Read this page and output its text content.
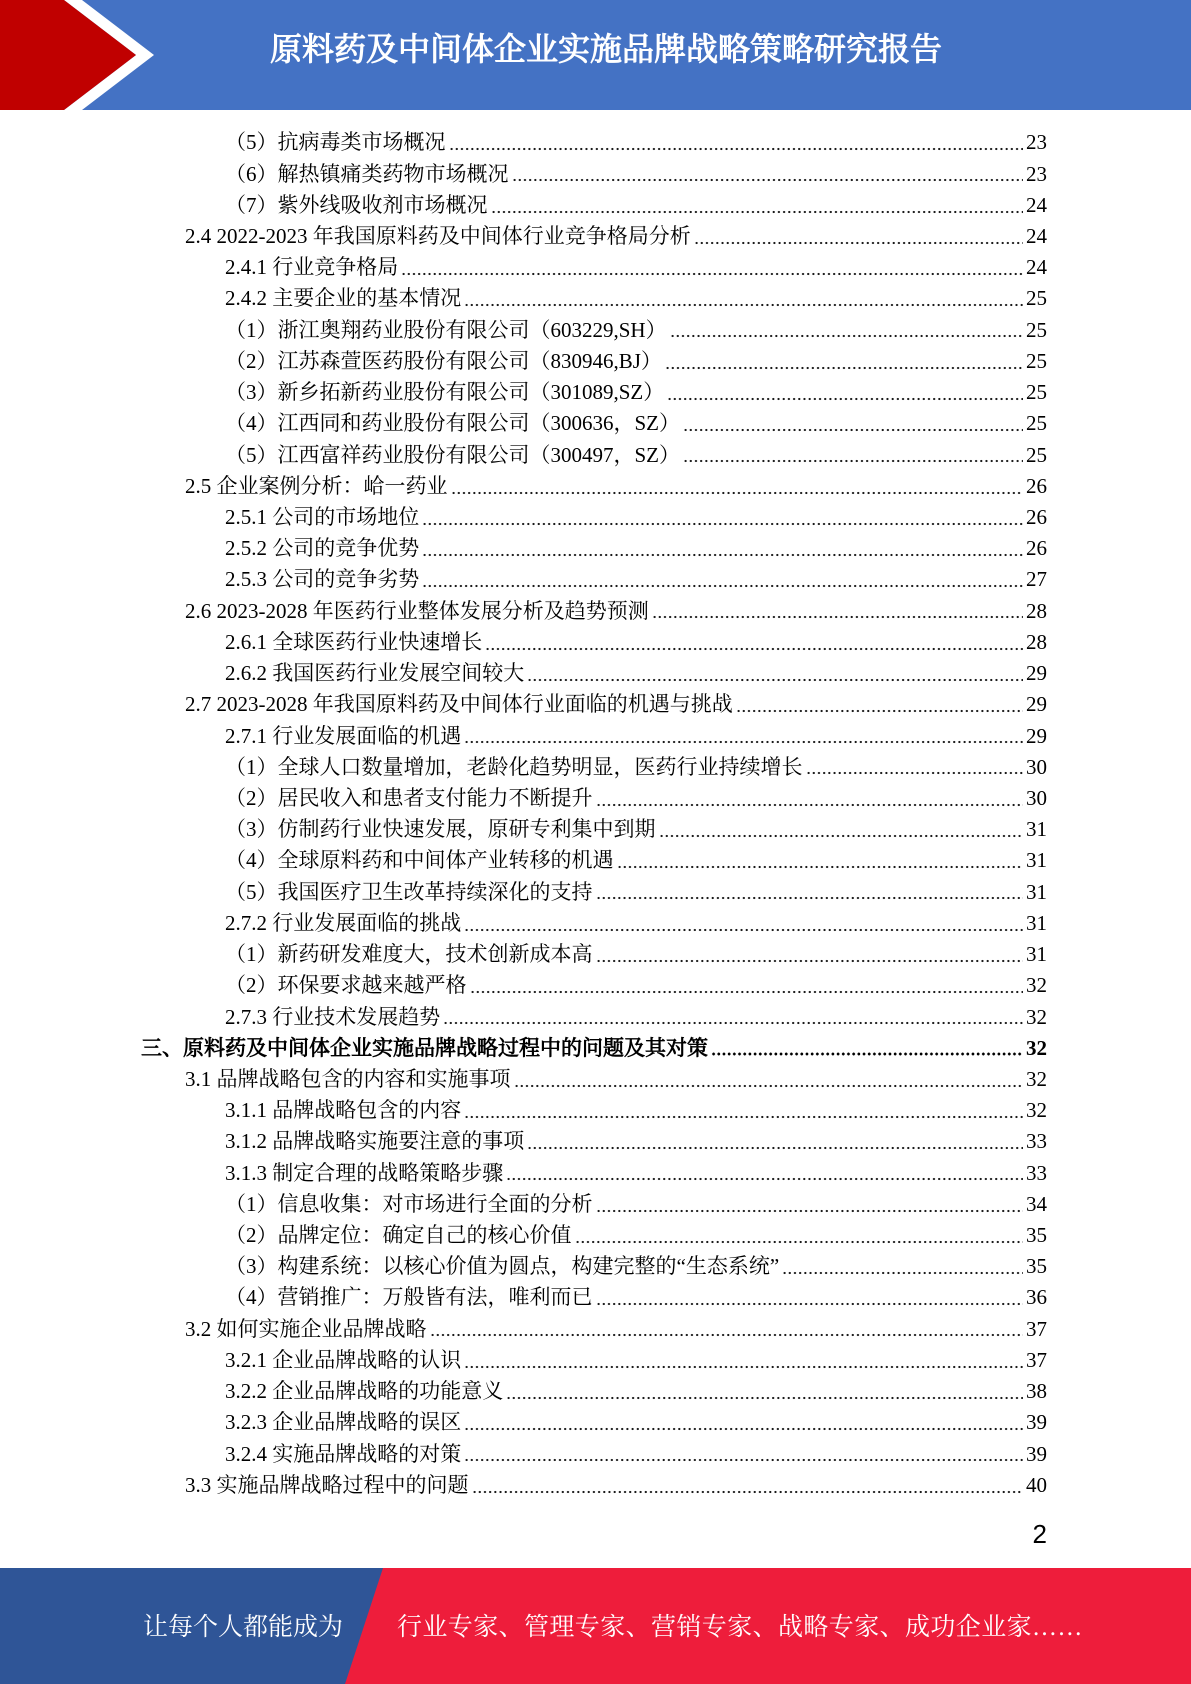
原料药及中间体企业实施品牌战略策略研究报告
（5）抗病毒类市场概况	23
（6）解热镇痛类药物市场概况	23
（7）紫外线吸收剂市场概况	24
2.4 2022-2023 年我国原料药及中间体行业竞争格局分析	24
2.4.1 行业竞争格局	24
2.4.2 主要企业的基本情况	25
（1）浙江奥翔药业股份有限公司（603229,SH）	25
（2）江苏森萱医药股份有限公司（830946,BJ）	25
（3）新乡拓新药业股份有限公司（301089,SZ）	25
（4）江西同和药业股份有限公司（300636，SZ）	25
（5）江西富祥药业股份有限公司（300497，SZ）	25
2.5 企业案例分析：峆一药业	26
2.5.1 公司的市场地位	26
2.5.2 公司的竞争优势	26
2.5.3 公司的竞争劣势	27
2.6 2023-2028 年医药行业整体发展分析及趋势预测	28
2.6.1 全球医药行业快速增长	28
2.6.2 我国医药行业发展空间较大	29
2.7 2023-2028 年我国原料药及中间体行业面临的机遇与挑战	29
2.7.1 行业发展面临的机遇	29
（1）全球人口数量增加，老龄化趋势明显，医药行业持续增长	30
（2）居民收入和患者支付能力不断提升	30
（3）仿制药行业快速发展，原研专利集中到期	31
（4）全球原料药和中间体产业转移的机遇	31
（5）我国医疗卫生改革持续深化的支持	31
2.7.2 行业发展面临的挑战	31
（1）新药研发难度大，技术创新成本高	31
（2）环保要求越来越严格	32
2.7.3 行业技术发展趋势	32
三、原料药及中间体企业实施品牌战略过程中的问题及其对策	32
3.1 品牌战略包含的内容和实施事项	32
3.1.1 品牌战略包含的内容	32
3.1.2 品牌战略实施要注意的事项	33
3.1.3 制定合理的战略策略步骤	33
（1）信息收集：对市场进行全面的分析	34
（2）品牌定位：确定自己的核心价值	35
（3）构建系统：以核心价值为圆点，构建完整的“生态系统”	35
（4）营销推广：万般皆有法，唯利而已	36
3.2 如何实施企业品牌战略	37
3.2.1 企业品牌战略的认识	37
3.2.2 企业品牌战略的功能意义	38
3.2.3 企业品牌战略的误区	39
3.2.4 实施品牌战略的对策	39
3.3 实施品牌战略过程中的问题	40
2
让每个人都能成为 行业专家、管理专家、营销专家、战略专家、成功企业家……
